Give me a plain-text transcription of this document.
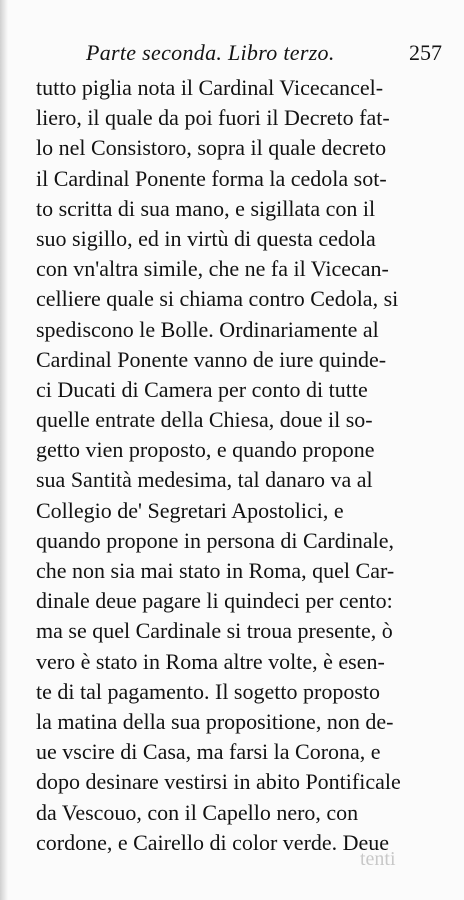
Parte seconda. Libro terzo.	257
tutto piglia nota il Cardinal Vicecancel-
liero, il quale da poi fuori il Decreto fat-
lo nel Consistoro, sopra il quale decreto
il Cardinal Ponente forma la cedola sot-
to scritta di sua mano, e sigillata con il
suo sigillo, ed in virtù di questa cedola
con vn'altra simile, che ne fa il Vicecan-
celliere quale si chiama contro Cedola, si
spediscono le Bolle. Ordinariamente al
Cardinal Ponente vanno de iure quinde-
ci Ducati di Camera per conto di tutte
quelle entrate della Chiesa, doue il so-
getto vien proposto, e quando propone
sua Santità medesima, tal danaro va al
Collegio de' Segretari Apostolici, e
quando propone in persona di Cardinale,
che non sia mai stato in Roma, quel Car-
dinale deue pagare li quindeci per cento:
ma se quel Cardinale si troua presente, ò
vero è stato in Roma altre volte, è esen-
te di tal pagamento. Il sogetto proposto
la matina della sua propositione, non de-
ue vscire di Casa, ma farsi la Corona, e
dopo desinare vestirsi in abito Pontificale
da Vescouo, con il Capello nero, con
cordone, e Cairello di color verde. Deue
tenti
